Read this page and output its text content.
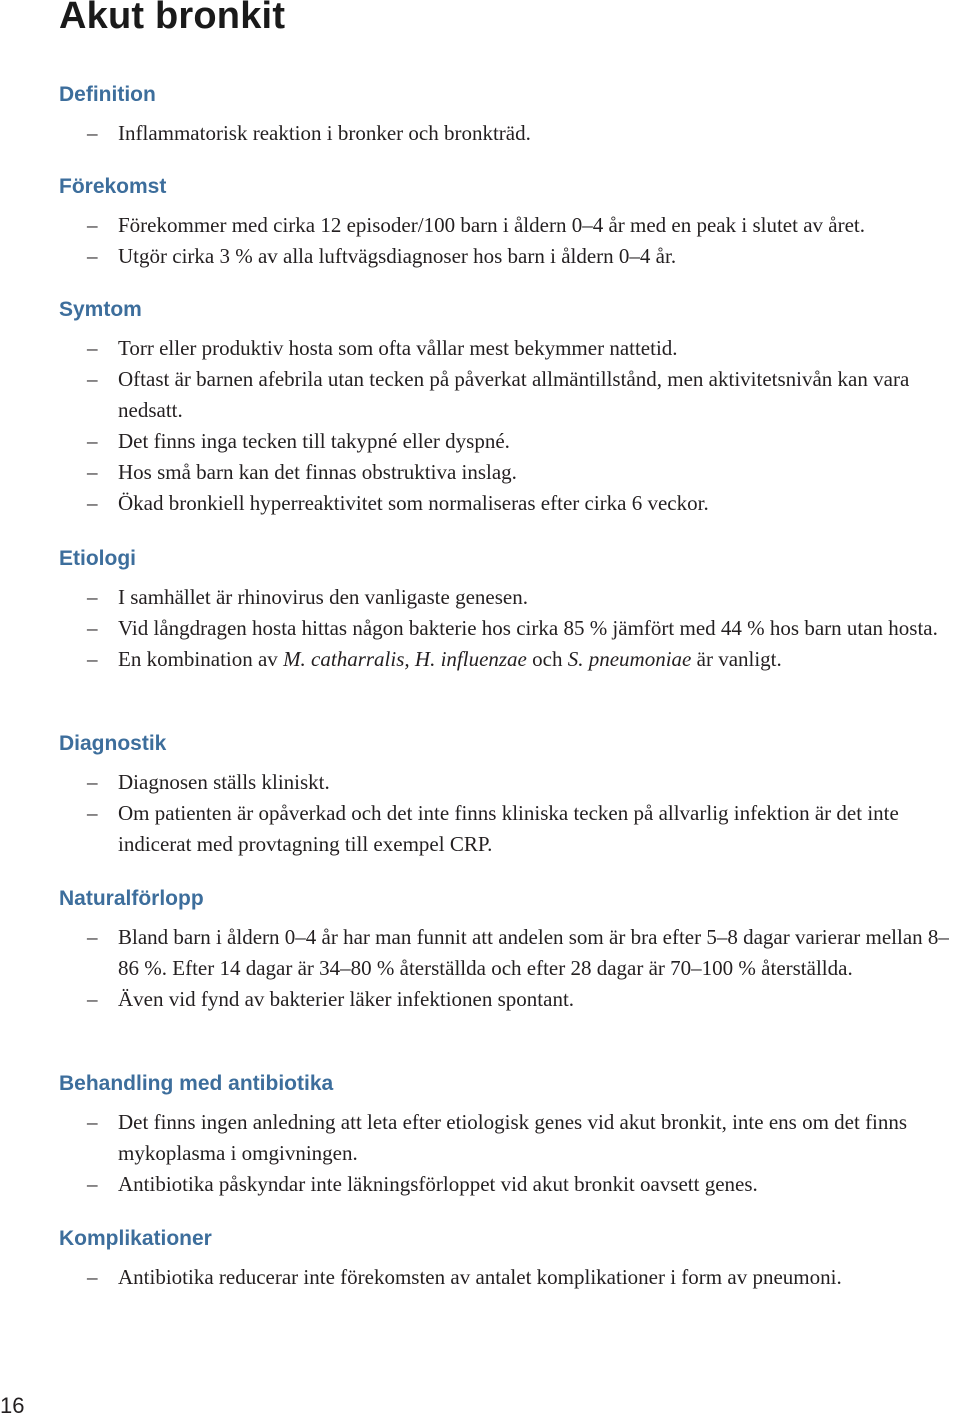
Akut bronkit
Definition
– Inflammatorisk reaktion i bronker och bronkträd.
Förekomst
– Förekommer med cirka 12 episoder/100 barn i åldern 0–4 år med en peak i slutet av året.
– Utgör cirka 3 % av alla luftvägsdiagnoser hos barn i åldern 0–4 år.
Symtom
– Torr eller produktiv hosta som ofta vållar mest bekymmer nattetid.
– Oftast är barnen afebrila utan tecken på påverkat allmäntillstånd, men aktivitetsnivån kan vara nedsatt.
– Det finns inga tecken till takypné eller dyspné.
– Hos små barn kan det finnas obstruktiva inslag.
– Ökad bronkiell hyperreaktivitet som normaliseras efter cirka 6 veckor.
Etiologi
– I samhället är rhinovirus den vanligaste genesen.
– Vid långdragen hosta hittas någon bakterie hos cirka 85 % jämfört med 44 % hos barn utan hosta.
– En kombination av M. catharralis, H. influenzae och S. pneumoniae är vanligt.
Diagnostik
– Diagnosen ställs kliniskt.
– Om patienten är opåverkad och det inte finns kliniska tecken på allvarlig infektion är det inte indicerat med provtagning till exempel CRP.
Naturalförlopp
– Bland barn i åldern 0–4 år har man funnit att andelen som är bra efter 5–8 dagar varierar mellan 8–86 %. Efter 14 dagar är 34–80 % återställda och efter 28 dagar är 70–100 % återställda.
– Även vid fynd av bakterier läker infektionen spontant.
Behandling med antibiotika
– Det finns ingen anledning att leta efter etiologisk genes vid akut bronkit, inte ens om det finns mykoplasma i omgivningen.
– Antibiotika påskyndar inte läkningsförloppet vid akut bronkit oavsett genes.
Komplikationer
– Antibiotika reducerar inte förekomsten av antalet komplikationer i form av pneumoni.
16
